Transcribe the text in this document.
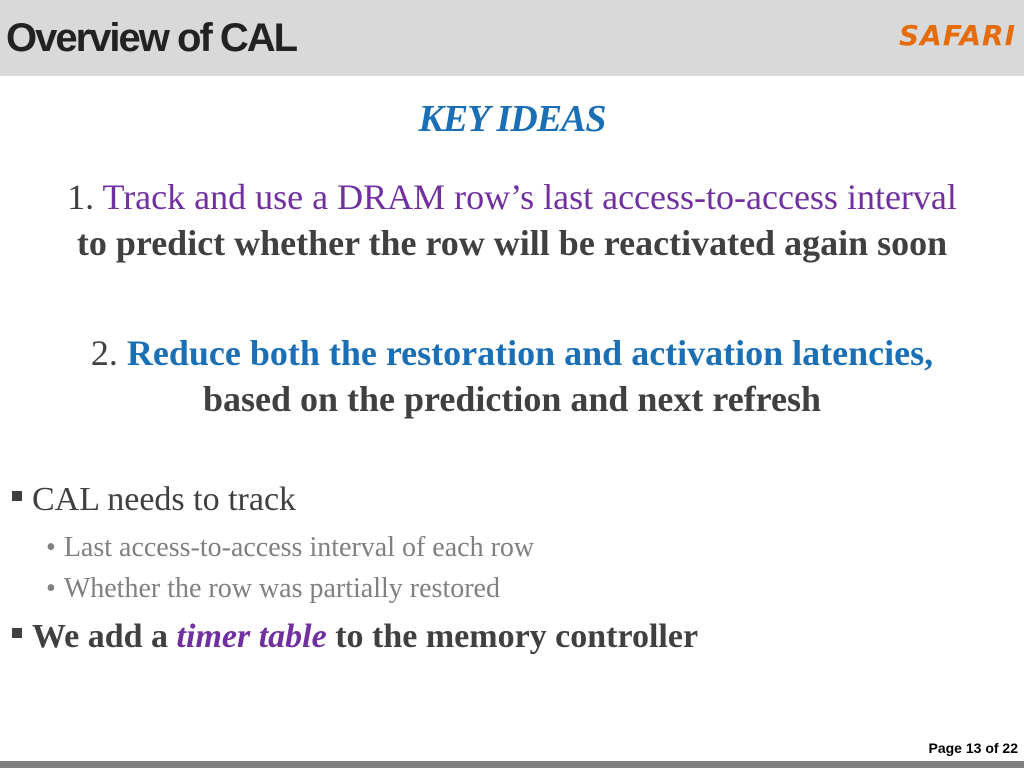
Overview of CAL	SAFARI
KEY IDEAS
1. Track and use a DRAM row’s last access-to-access interval
to predict whether the row will be reactivated again soon
2. Reduce both the restoration and activation latencies,
based on the prediction and next refresh
CAL needs to track
• Last access-to-access interval of each row
• Whether the row was partially restored
We add a timer table to the memory controller
Page 13 of 22
